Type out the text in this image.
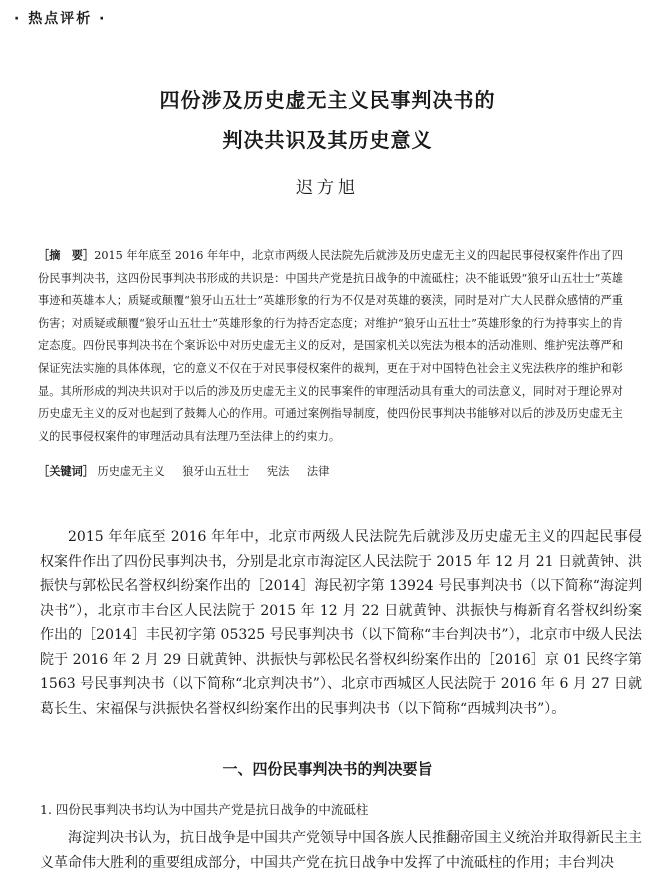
· 热点评析 ·
四份涉及历史虚无主义民事判决书的
判决共识及其历史意义
迟方旭
［摘　要］2015 年年底至 2016 年年中，北京市两级人民法院先后就涉及历史虚无主义的四起民事侵权案件作出了四份民事判决书，这四份民事判决书形成的共识是：中国共产党是抗日战争的中流砥柱；决不能诋毁“狼牙山五壮士”英雄事迹和英雄本人；质疑或颠覆“狼牙山五壮士”英雄形象的行为不仅是对英雄的亵渎，同时是对广大人民群众感情的严重伤害；对质疑或颠覆“狼牙山五壮士”英雄形象的行为持否定态度；对维护“狼牙山五壮士”英雄形象的行为持事实上的肯定态度。四份民事判决书在个案诉讼中对历史虚无主义的反对，是国家机关以宪法为根本的活动准则、维护宪法尊严和保证宪法实施的具体体现，它的意义不仅在于对民事侵权案件的裁判，更在于对中国特色社会主义宪法秩序的维护和彰显。其所形成的判决共识对于以后的涉及历史虚无主义的民事案件的审理活动具有重大的司法意义，同时对于理论界对历史虚无主义的反对也起到了鼓舞人心的作用。可通过案例指导制度，使四份民事判决书能够对以后的涉及历史虚无主义的民事侵权案件的审理活动具有法理乃至法律上的约束力。
［关键词］ 历史虚无主义 狼牙山五壮士 宪法 法律
2015 年年底至 2016 年年中，北京市两级人民法院先后就涉及历史虚无主义的四起民事侵权案件作出了四份民事判决书，分别是北京市海淀区人民法院于 2015 年 12 月 21 日就黄钟、洪振快与郭松民名誉权纠纷案作出的［2014］海民初字第 13924 号民事判决书（以下简称“海淀判决书”），北京市丰台区人民法院于 2015 年 12 月 22 日就黄钟、洪振快与梅新育名誉权纠纷案作出的［2014］丰民初字第 05325 号民事判决书（以下简称“丰台判决书”），北京市中级人民法院于 2016 年 2 月 29 日就黄钟、洪振快与郭松民名誉权纠纷案作出的［2016］京 01 民终字第 1563 号民事判决书（以下简称“北京判决书”）、北京市西城区人民法院于 2016 年 6 月 27 日就葛长生、宋福保与洪振快名誉权纠纷案作出的民事判决书（以下简称“西城判决书”）。
一、四份民事判决书的判决要旨
1. 四份民事判决书均认为中国共产党是抗日战争的中流砥柱
海淀判决书认为，抗日战争是中国共产党领导中国各族人民推翻帝国主义统治并取得新民主主义革命伟大胜利的重要组成部分，中国共产党在抗日战争中发挥了中流砥柱的作用；丰台判决
